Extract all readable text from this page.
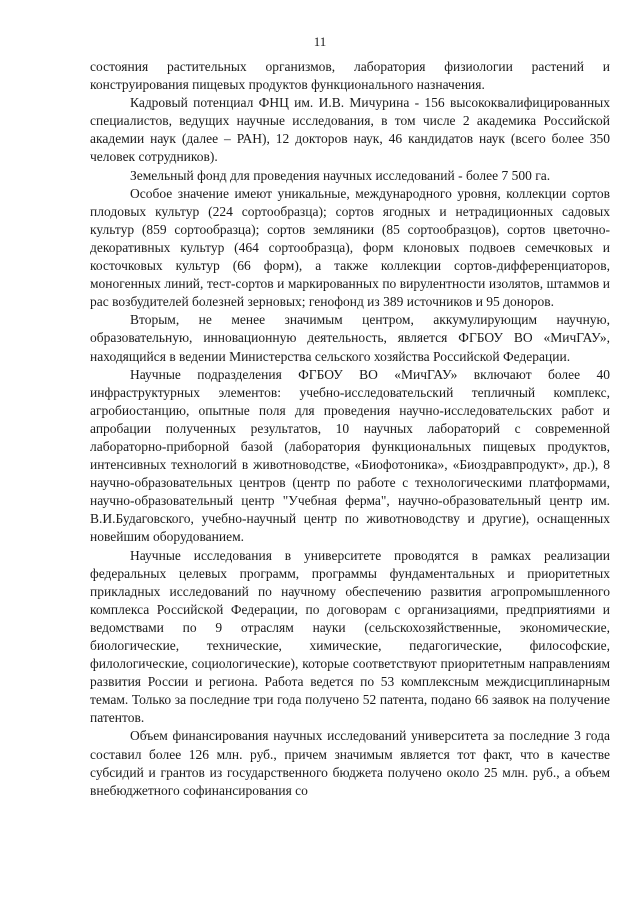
11

состояния растительных организмов, лаборатория физиологии растений и конструирования пищевых продуктов функционального назначения.

Кадровый потенциал ФНЦ им. И.В. Мичурина - 156 высококвалифицированных специалистов, ведущих научные исследования, в том числе 2 академика Российской академии наук (далее – РАН), 12 докторов наук, 46 кандидатов наук (всего более 350 человек сотрудников).

Земельный фонд для проведения научных исследований - более 7 500 га.

Особое значение имеют уникальные, международного уровня, коллекции сортов плодовых культур (224 сортообразца); сортов ягодных и нетрадиционных садовых культур (859 сортообразца); сортов земляники (85 сортообразцов), сортов цветочно-декоративных культур (464 сортообразца), форм клоновых подвоев семечковых и косточковых культур (66 форм), а также коллекции сортов-дифференциаторов, моногенных линий, тест-сортов и маркированных по вирулентности изолятов, штаммов и рас возбудителей болезней зерновых; генофонд из 389 источников и 95 доноров.

Вторым, не менее значимым центром, аккумулирующим научную, образовательную, инновационную деятельность, является ФГБОУ ВО «МичГАУ», находящийся в ведении Министерства сельского хозяйства Российской Федерации.

Научные подразделения ФГБОУ ВО «МичГАУ» включают более 40 инфраструктурных элементов: учебно-исследовательский тепличный комплекс, агробиостанцию, опытные поля для проведения научно-исследовательских работ и апробации полученных результатов, 10 научных лабораторий с современной лабораторно-приборной базой (лаборатория функциональных пищевых продуктов, интенсивных технологий в животноводстве, «Биофотоника», «Биоздравпродукт», др.), 8 научно-образовательных центров (центр по работе с технологическими платформами, научно-образовательный центр "Учебная ферма", научно-образовательный центр им. В.И.Будаговского, учебно-научный центр по животноводству и другие), оснащенных новейшим оборудованием.

Научные исследования в университете проводятся в рамках реализации федеральных целевых программ, программы фундаментальных и приоритетных прикладных исследований по научному обеспечению развития агропромышленного комплекса Российской Федерации, по договорам с организациями, предприятиями и ведомствами по 9 отраслям науки (сельскохозяйственные, экономические, биологические, технические, химические, педагогические, философские, филологические, социологические), которые соответствуют приоритетным направлениям развития России и региона. Работа ведется по 53 комплексным междисциплинарным темам. Только за последние три года получено 52 патента, подано 66 заявок на получение патентов.

Объем финансирования научных исследований университета за последние 3 года составил более 126 млн. руб., причем значимым является тот факт, что в качестве субсидий и грантов из государственного бюджета получено около 25 млн. руб., а объем внебюджетного софинансирования со
